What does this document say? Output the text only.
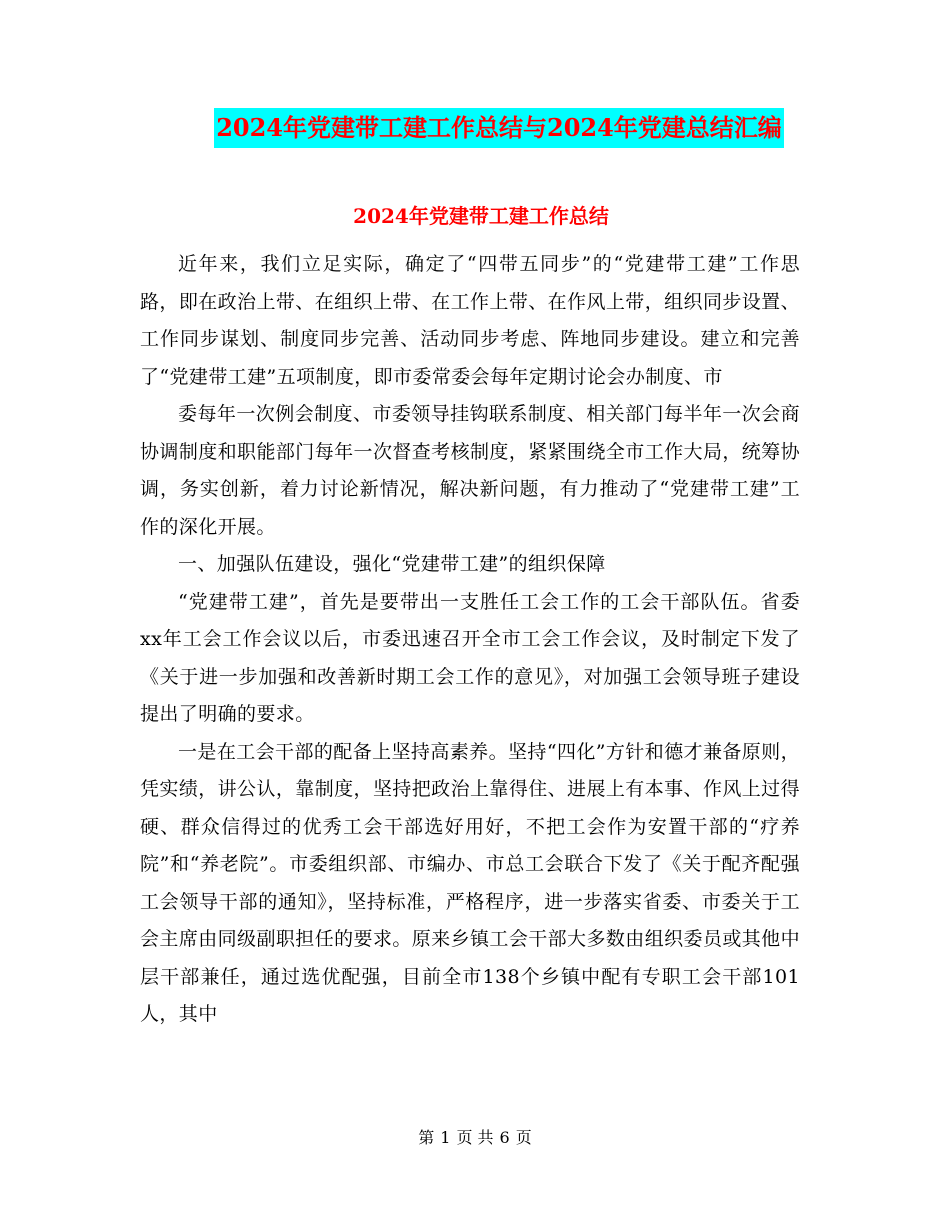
2024年党建带工建工作总结与2024年党建总结汇编
2024年党建带工建工作总结

近年来，我们立足实际，确定了“四带五同步”的“党建带工建”工作思路，即在政治上带、在组织上带、在工作上带、在作风上带，组织同步设置、工作同步谋划、制度同步完善、活动同步考虑、阵地同步建设。建立和完善了“党建带工建”五项制度，即市委常委会每年定期讨论会办制度、市

委每年一次例会制度、市委领导挂钩联系制度、相关部门每半年一次会商协调制度和职能部门每年一次督查考核制度，紧紧围绕全市工作大局，统筹协调，务实创新，着力讨论新情况，解决新问题，有力推动了“党建带工建”工作的深化开展。

一、加强队伍建设，强化“党建带工建”的组织保障

“党建带工建”，首先是要带出一支胜任工会工作的工会干部队伍。省委xx年工会工作会议以后，市委迅速召开全市工会工作会议，及时制定下发了《关于进一步加强和改善新时期工会工作的意见》，对加强工会领导班子建设提出了明确的要求。

一是在工会干部的配备上坚持高素养。坚持“四化”方针和德才兼备原则，凭实绩，讲公认，靠制度，坚持把政治上靠得住、进展上有本事、作风上过得硬、群众信得过的优秀工会干部选好用好，不把工会作为安置干部的“疗养院”和“养老院”。市委组织部、市编办、市总工会联合下发了《关于配齐配强工会领导干部的通知》，坚持标准，严格程序，进一步落实省委、市委关于工会主席由同级副职担任的要求。原来乡镇工会干部大多数由组织委员或其他中层干部兼任，通过选优配强，目前全市138个乡镇中配有专职工会干部101人，其中

第 1 页 共 6 页
